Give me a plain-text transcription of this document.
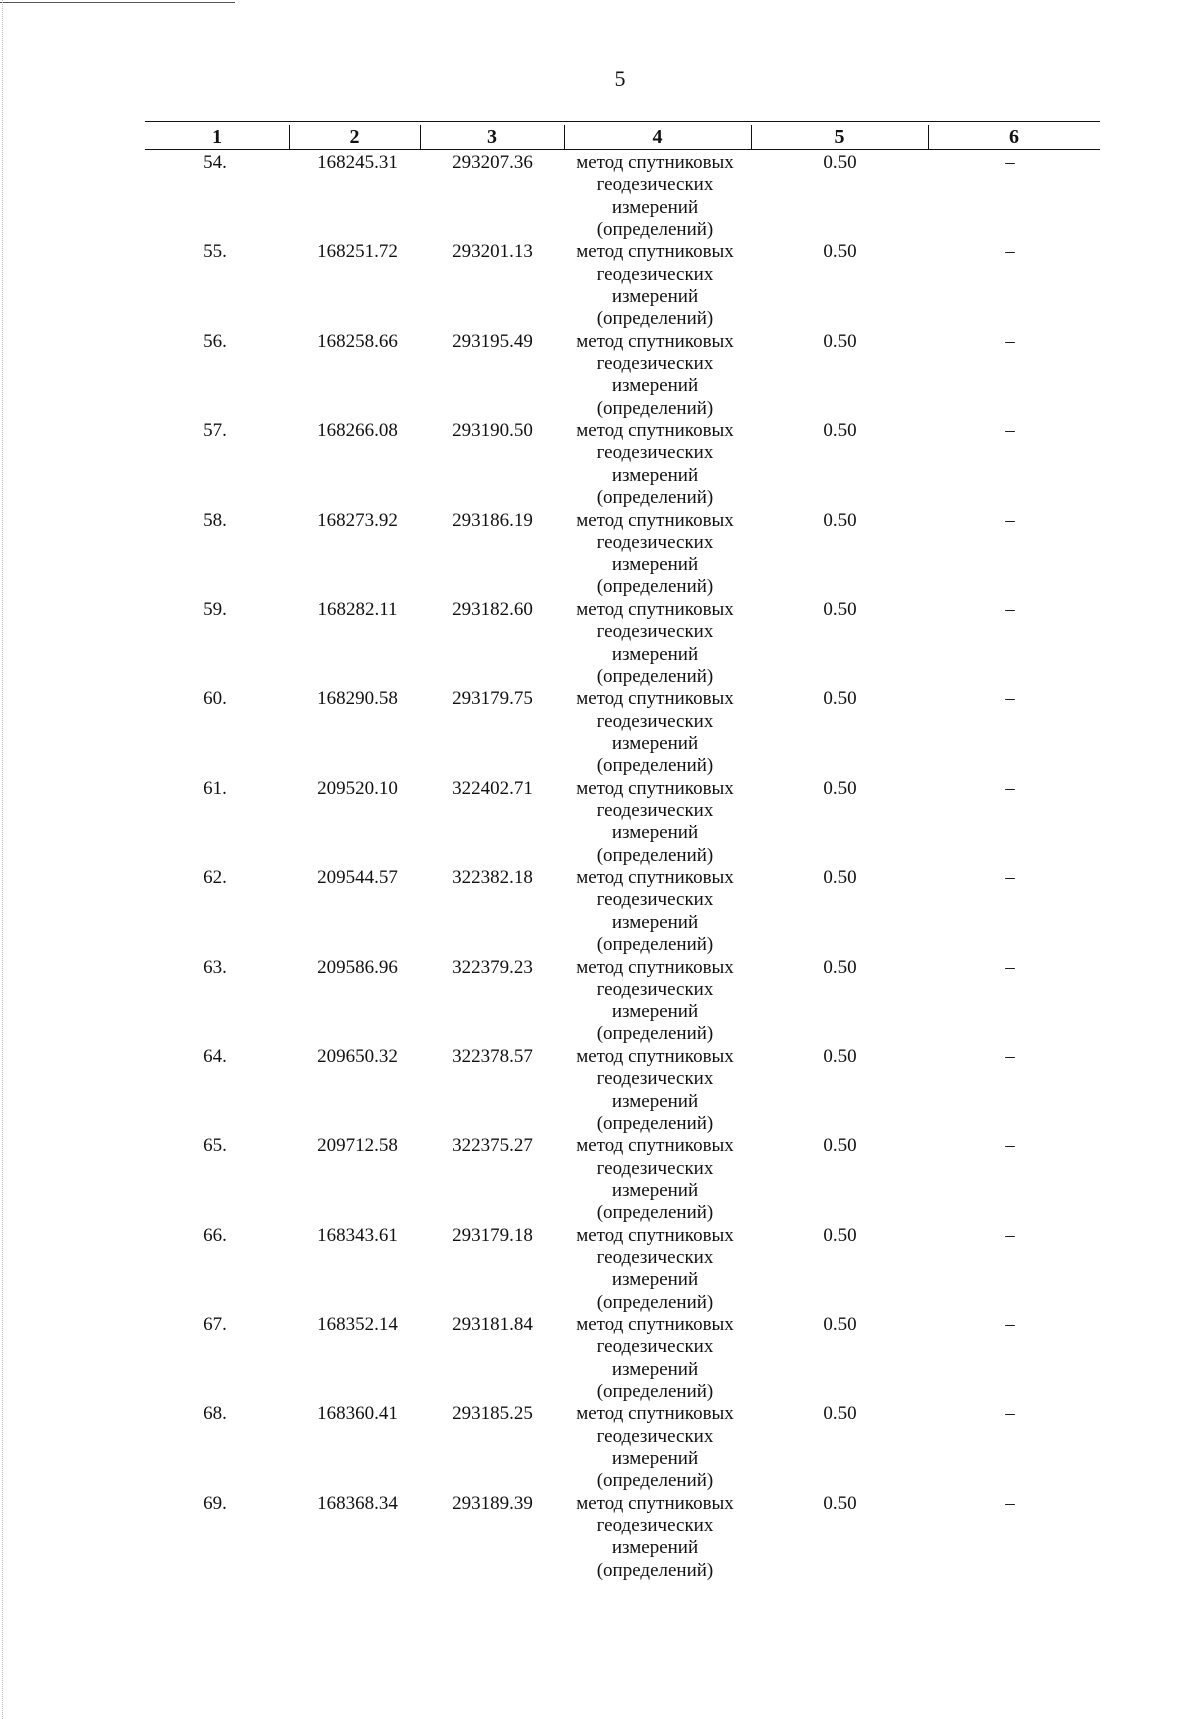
5
1	2	3	4	5	6
54.	168245.31	293207.36	метод спутниковых
геодезических
измерений
(определений)
0.50	–
55.	168251.72	293201.13	метод спутниковых
геодезических
измерений
(определений)
0.50	–
56.	168258.66	293195.49	метод спутниковых
геодезических
измерений
(определений)
0.50	–
57.	168266.08	293190.50	метод спутниковых
геодезических
измерений
(определений)
0.50	–
58.	168273.92	293186.19	метод спутниковых
геодезических
измерений
(определений)
0.50	–
59.	168282.11	293182.60	метод спутниковых
геодезических
измерений
(определений)
0.50	–
60.	168290.58	293179.75	метод спутниковых
геодезических
измерений
(определений)
0.50	–
61.	209520.10	322402.71	метод спутниковых
геодезических
измерений
(определений)
0.50	–
62.	209544.57	322382.18	метод спутниковых
геодезических
измерений
(определений)
0.50	–
63.	209586.96	322379.23	метод спутниковых
геодезических
измерений
(определений)
0.50	–
64.	209650.32	322378.57	метод спутниковых
геодезических
измерений
(определений)
0.50	–
65.	209712.58	322375.27	метод спутниковых
геодезических
измерений
(определений)
0.50	–
66.	168343.61	293179.18	метод спутниковых
геодезических
измерений
(определений)
0.50	–
67.	168352.14	293181.84	метод спутниковых
геодезических
измерений
(определений)
0.50	–
68.	168360.41	293185.25	метод спутниковых
геодезических
измерений
(определений)
0.50	–
69.	168368.34	293189.39	метод спутниковых
геодезических
измерений
(определений)
0.50	–
